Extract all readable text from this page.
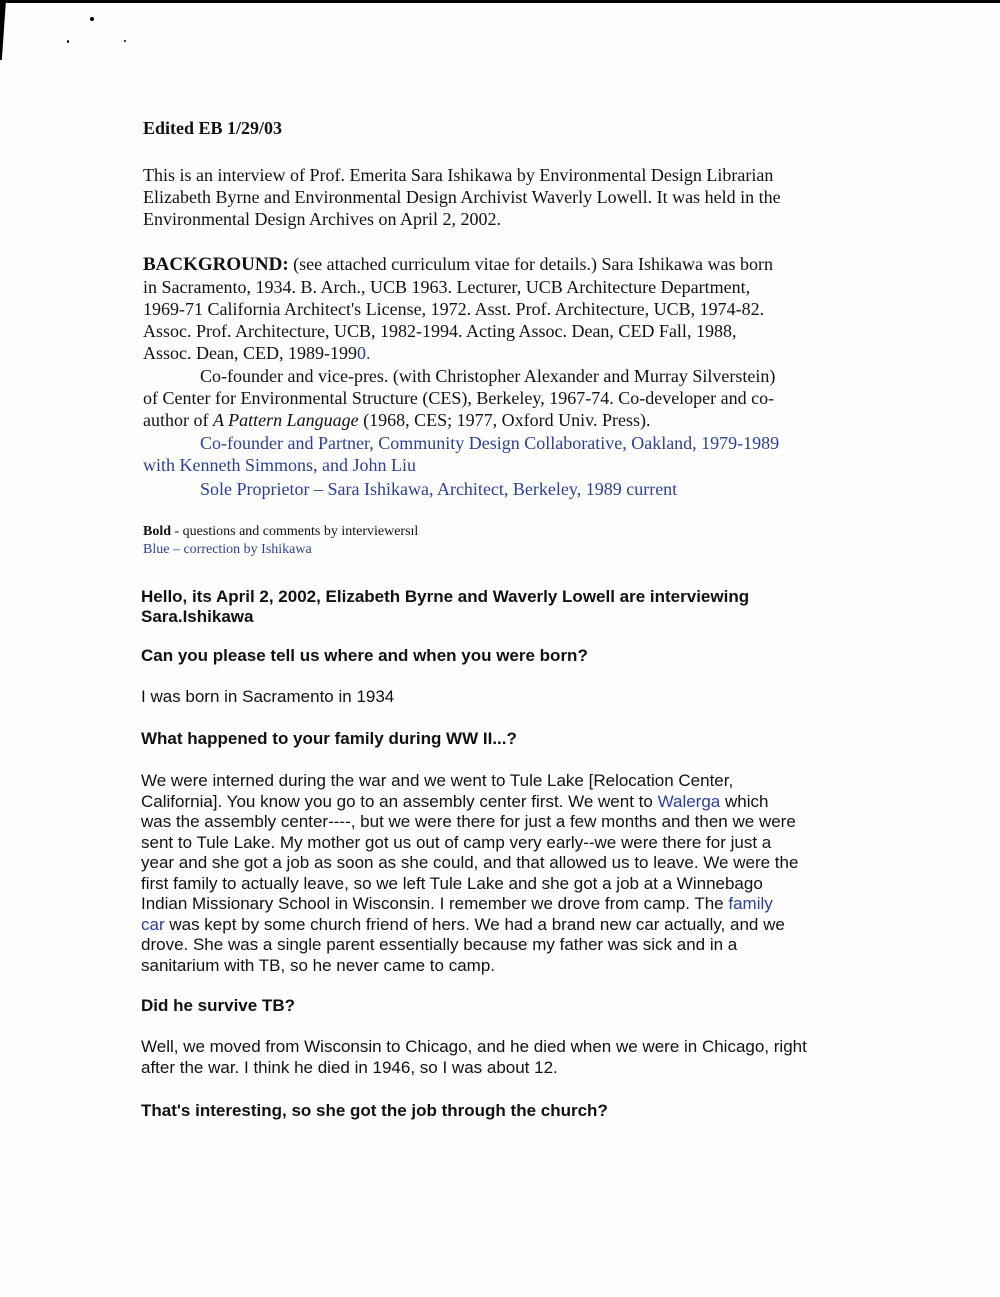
Edited EB 1/29/03
This is an interview of Prof. Emerita Sara Ishikawa by Environmental Design Librarian
Elizabeth Byrne and Environmental Design Archivist Waverly Lowell. It was held in the
Environmental Design Archives on April 2, 2002.
BACKGROUND: (see attached curriculum vitae for details.) Sara Ishikawa was born
in Sacramento, 1934. B. Arch., UCB 1963. Lecturer, UCB Architecture Department,
1969-71 California Architect's License, 1972. Asst. Prof. Architecture, UCB, 1974-82.
Assoc. Prof. Architecture, UCB, 1982-1994. Acting Assoc. Dean, CED Fall, 1988,
Assoc. Dean, CED, 1989-1990.
Co-founder and vice-pres. (with Christopher Alexander and Murray Silverstein)
of Center for Environmental Structure (CES), Berkeley, 1967-74. Co-developer and co-
author of A Pattern Language (1968, CES; 1977, Oxford Univ. Press).
Co-founder and Partner, Community Design Collaborative, Oakland, 1979-1989
with Kenneth Simmons, and John Liu
Sole Proprietor – Sara Ishikawa, Architect, Berkeley, 1989 current
Bold - questions and comments by interviewersıl
Blue – correction by Ishikawa
Hello, its April 2, 2002, Elizabeth Byrne and Waverly Lowell are interviewing
Sara.Ishikawa
Can you please tell us where and when you were born?
I was born in Sacramento in 1934
What happened to your family during WW II...?
We were interned during the war and we went to Tule Lake [Relocation Center,
California]. You know you go to an assembly center first. We went to Walerga which
was the assembly center----, but we were there for just a few months and then we were
sent to Tule Lake. My mother got us out of camp very early--we were there for just a
year and she got a job as soon as she could, and that allowed us to leave. We were the
first family to actually leave, so we left Tule Lake and she got a job at a Winnebago
Indian Missionary School in Wisconsin. I remember we drove from camp. The family
car was kept by some church friend of hers. We had a brand new car actually, and we
drove. She was a single parent essentially because my father was sick and in a
sanitarium with TB, so he never came to camp.
Did he survive TB?
Well, we moved from Wisconsin to Chicago, and he died when we were in Chicago, right
after the war. I think he died in 1946, so I was about 12.
That's interesting, so she got the job through the church?
